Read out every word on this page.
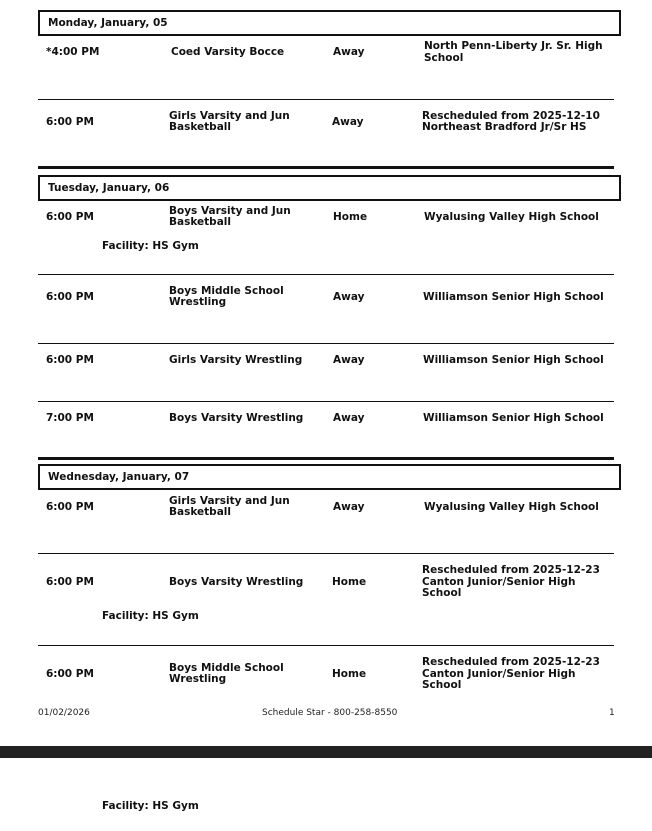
Monday, January, 05
*4:00 PM	Coed Varsity Bocce	Away	North Penn-Liberty Jr. Sr. High
School
6:00 PM	Girls Varsity and Jun
Basketball	Away	Rescheduled from 2025-12-10
Northeast Bradford Jr/Sr HS
Tuesday, January, 06
6:00 PM	Boys Varsity and Jun
Basketball	Home	Wyalusing Valley High School
Facility: HS Gym
6:00 PM	Boys Middle School
Wrestling	Away	Williamson Senior High School
6:00 PM	Girls Varsity Wrestling	Away	Williamson Senior High School
7:00 PM	Boys Varsity Wrestling	Away	Williamson Senior High School
Wednesday, January, 07
6:00 PM	Girls Varsity and Jun
Basketball	Away	Wyalusing Valley High School
6:00 PM	Boys Varsity Wrestling	Home
Rescheduled from 2025-12-23
Canton Junior/Senior High
School
Facility: HS Gym
6:00 PM	Boys Middle School
Wrestling	Home
Rescheduled from 2025-12-23
Canton Junior/Senior High
School
01/02/2026	Schedule Star - 800-258-8550	1
Facility: HS Gym
